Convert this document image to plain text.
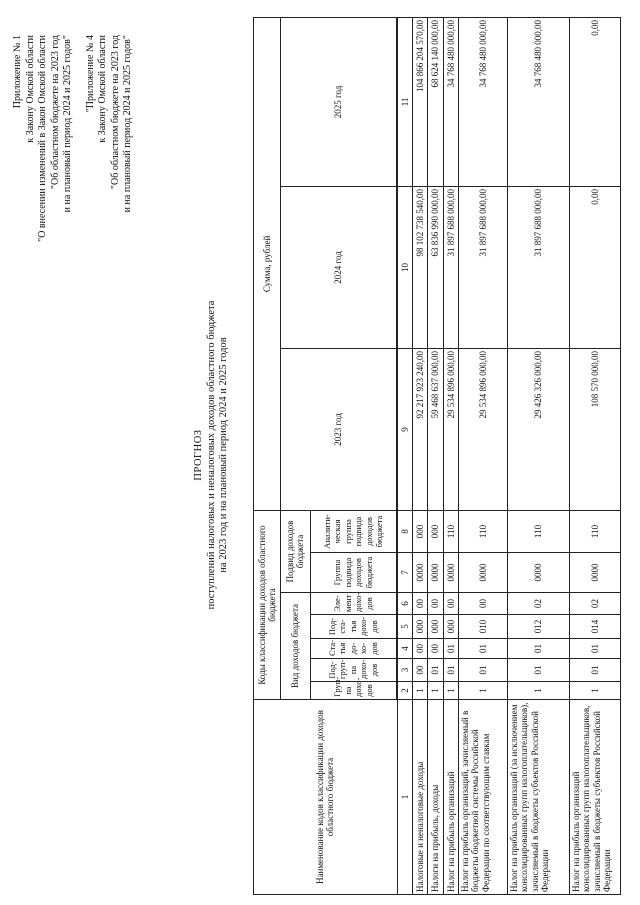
Приложение № 1 к Закону Омской области "О внесении изменений в Закон Омской области "Об областном бюджете на 2023 год и на плановый период 2024 и 2025 годов" "Приложение № 4 к Закону Омской области "Об областном бюджете на 2023 год и на плановый период 2024 и 2025 годов"
ПРОГНОЗ поступлений налоговых и неналоговых доходов областного бюджета на 2023 год и на плановый период 2024 и 2025 годов
Наименование кодов классификации доходов областного бюджета	Коды классификации доходов областного бюджета							Сумма, рублей		
	Вид доходов бюджета					Подвид доходов бюджета		2023 год	2024 год	2025 год
	Груп-па дохо-дов	Под-груп-па дохо-дов	Ста-тья до-хо-дов	Под-ста-тья дохо-дов	Эле-мент дохо-дов	Группа подвида доходов бюджета	Аналити-ческая группа подвида доходов бюджета			

1	2	3	4	5	6	7	8	9	10	11
Налоговые и неналоговые доходы	1	00	00	000	00	0000	000	92 217 923 240,00	98 102 738 540,00	104 866 204 570,00
Налоги на прибыль, доходы	1	01	00	000	00	0000	000	59 468 637 000,00	63 836 990 000,00	68 624 140 000,00
Налог на прибыль организаций	1	01	01	000	00	0000	110	29 534 896 000,00	31 897 688 000,00	34 768 480 000,00
Налог на прибыль организаций, зачисляемый в бюджеты бюджетной системы Российской Федерации по соответствующим ставкам	1	01	01	010	00	0000	110	29 534 896 000,00	31 897 688 000,00	34 768 480 000,00
Налог на прибыль организаций (за исключением консолидированных групп налогоплательщиков), зачисляемый в бюджеты субъектов Российской Федерации	1	01	01	012	02	0000	110	29 426 326 000,00	31 897 688 000,00	34 768 480 000,00
Налог на прибыль организаций консолидированных групп налогоплательщиков, зачисляемый в бюджеты субъектов Российской Федерации	1	01	01	014	02	0000	110	108 570 000,00	0,00	0,00
